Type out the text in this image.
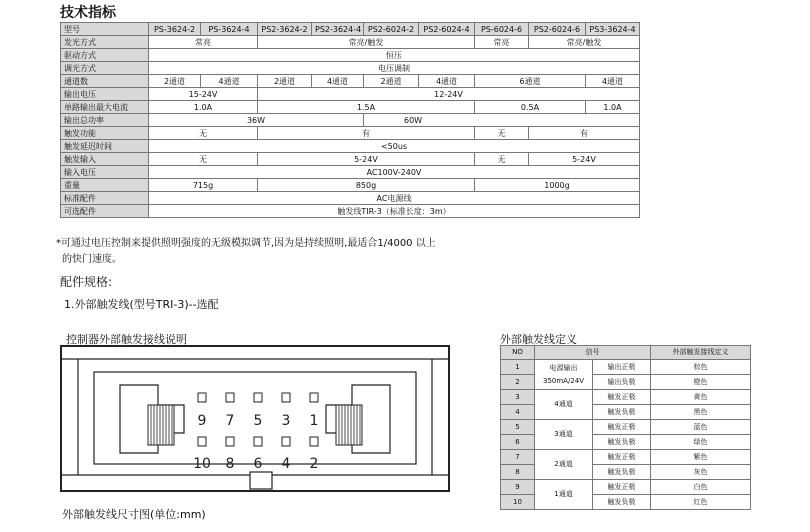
技术指标
型号	PS-3624-2	PS-3624-4	PS2-3624-2	PS2-3624-4	PS2-6024-2	PS2-6024-4	PS-6024-6	PS2-6024-6	PS3-3624-4
发光方式	常亮		常亮/触发				常亮	常亮/触发	
驱动方式	恒压								
调光方式	电压调制								
通道数	2通道	4通道	2通道	4通道	2通道	4通道	6通道		4通道
输出电压	15-24V		12-24V						
单路输出最大电流	1.0A		1.5A				0.5A		1.0A
输出总功率	36W				60W				
触发功能	无		有				无	有	
触发延迟时间	<50us								
触发输入	无		5-24V				无	5-24V	
输入电压	AC100V-240V								
重量	715g		850g				1000g		
标准配件	AC电源线								
可选配件	触发线TIR-3（标准长度：3m）								
*可通过电压控制来提供照明强度的无级模拟调节,因为是持续照明,最适合1/4000 以上
的快门速度。
配件规格:
1.外部触发线(型号TRI-3)--选配
控制器外部触发接线说明	外部触发线定义
9 7 5 3 1
10 8 6 4 2
外部触发线尺寸图(单位:mm)
NO	信号		外部触发接线定义
1	电源输出350mA/24V	输出正极	棕色
2		输出负极	橙色
3	4通道	触发正极	黄色
4		触发负极	黑色
5	3通道	触发正极	蓝色
6		触发负极	绿色
7	2通道	触发正极	紫色
8		触发负极	灰色
9	1通道	触发正极	白色
10		触发负极	红色
